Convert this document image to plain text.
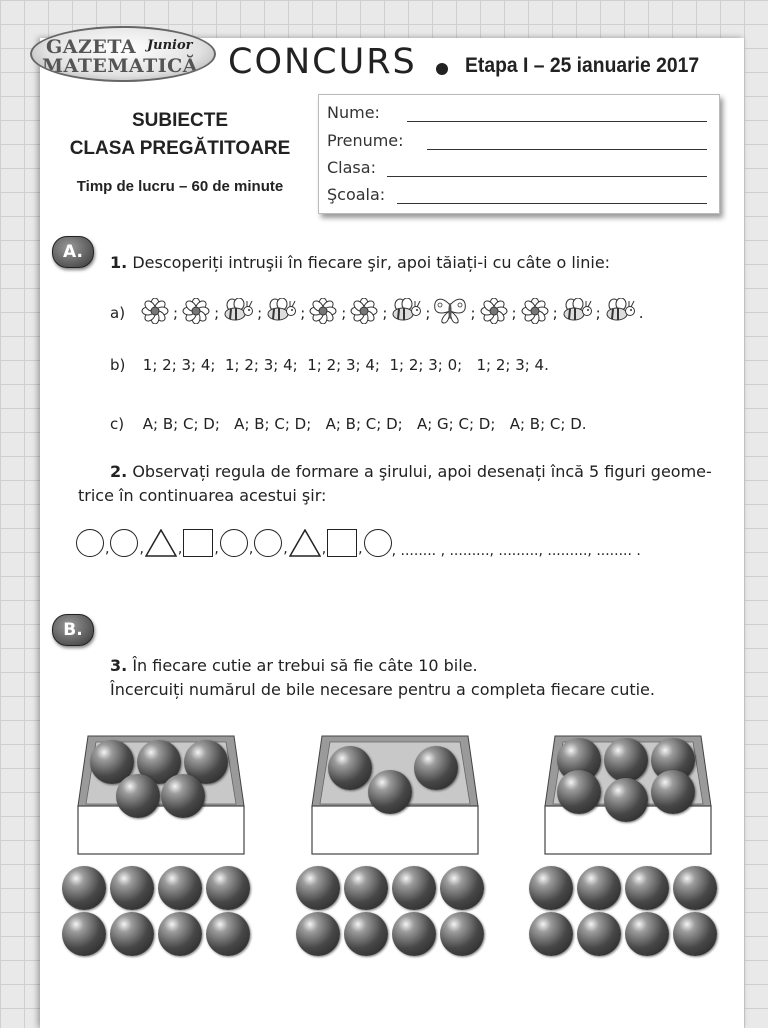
GAZETA Junior
MATEMATICĂ CONCURS Etapa I – 25 ianuarie 2017
SUBIECTE
CLASA PREGĂTITOARE
Timp de lucru – 60 de minute
Nume:
Prenume:
Clasa:
Şcoala:
A.
1. Descoperiți intruşii în fiecare şir, apoi tăiați-i cu câte o linie:
a)	; ;	;	; ; ;	;	; ; ;	;	.
b) 1; 2; 3; 4;  1; 2; 3; 4;  1; 2; 3; 4;  1; 2; 3; 0;   1; 2; 3; 4.
c) A; B; C; D;   A; B; C; D;   A; B; C; D;   A; G; C; D;   A; B; C; D.
2. Observați regula de formare a şirului, apoi desenați încă 5 figuri geome-
trice în continuarea acestui şir:
, , , , , , , , , ........ , ........., ........., ........., ........ .
B.
3. În fiecare cutie ar trebui să fie câte 10 bile.
Încercuiți numărul de bile necesare pentru a completa fiecare cutie.
